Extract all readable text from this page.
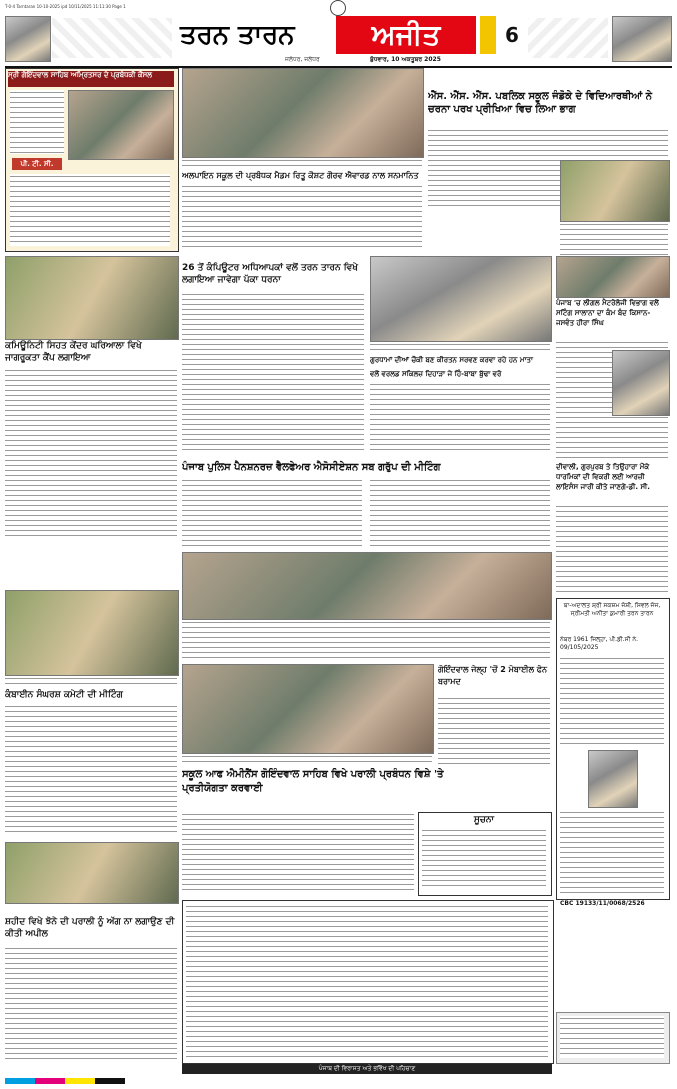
T-0-4 Tarntaran 10-10-2025 ipd 10/11/2025 11:11:30 Page 1
ਤਰਨ ਤਾਰਨ	ਅਜੀਤ	6
ਜਲੰਧਰ, ਜਲੰਧਰ	ਬੁੱਧਵਾਰ, 10 ਅਕਤੂਬਰ 2025
ਸ੍ਰੀ ਗੋਇੰਦਵਾਲ ਸਾਹਿਬ ਅਮ੍ਰਿਤਸਰ ਦੇ ਪ੍ਰਬੰਧਕੀ ਕੌਂਸਲ
ਪੀ. ਟੀ. ਸੀ.
ਅਲਪਾਇਨ ਸਕੂਲ ਦੀ ਪ੍ਰਬੰਧਕ ਮੈਡਮ ਰਿਤੂ ਕੌਸ਼ਟ ਗੌਰਵ ਐਵਾਰਡ ਨਾਲ ਸਨਮਾਨਿਤ
ਐੱਸ. ਐੱਸ. ਐੱਸ. ਪਬਲਿਕ ਸਕੂਲ ਜੰਡੋਕੇ ਦੇ ਵਿਦਿਆਰਥੀਆਂ ਨੇ ਚਰਨਾ ਪਰਖ ਪ੍ਰੀਖਿਆ ਵਿਚ ਲਿਆ ਭਾਗ
ਕਮਿਊਨਿਟੀ ਸਿਹਤ ਕੇਂਦਰ ਘਰਿਆਲਾ ਵਿਖੇ ਜਾਗਰੂਕਤਾ ਕੈਂਪ ਲਗਾਇਆ
26 ਤੋਂ ਕੰਪਿਊਟਰ ਅਧਿਆਪਕਾਂ ਵਲੋਂ ਤਰਨ ਤਾਰਨ ਵਿਖੇ ਲਗਾਇਆ ਜਾਵੇਗਾ ਪੱਕਾ ਧਰਨਾ
ਗੁਰਧਾਮਾਂ ਦੀਆਂ ਚੌਕੀ ਬਣ ਕੀਰਤਨ ਸਰਵਣ ਕਰਵਾ ਰਹੇ ਹਨ ਮਾਤਾ
ਵਲੋਂ ਵਰਲਡ ਸਕਿਲਜ਼ ਦਿਹਾੜਾ ਜੇ ਹਿੰ-ਬਾਬਾ ਬੁੱਢਾ ਵਰੋ
ਪੰਜਾਬ 'ਚ ਲੀਗਲ ਮੈਟਰੋਲੋਜੀ ਵਿਭਾਗ ਵਲੋਂ ਸਟਿੰਗ ਸਾਲਾਨਾ ਦਾ ਕੰਮ ਬੰਦ ਕਿਸਾਨ-ਜਸਵੰਤ ਹੀਰਾ ਸਿੰਘ
ਪੰਜਾਬ ਪੁਲਿਸ ਪੈਨਸ਼ਨਰਜ਼ ਵੈਲਫੇਅਰ ਐਸੋਸੀਏਸ਼ਨ ਸਬ ਗਰੁੱਪ ਦੀ ਮੀਟਿੰਗ	ਦੀਵਾਲੀ, ਗੁਰਪੁਰਬ ਤੇ ਤਿਉਹਾਰਾ ਮੌਕੇ ਧਾਰਮਿਕਾਂ ਦੀ ਵਿਕਰੀ ਲਈ ਆਰਜ਼ੀ ਲਾਇਸੰਸ ਜਾਰੀ ਕੀਤੇ ਜਾਣਗੇ-ਡੀ. ਸੀ.
ਬਾ-ਅਦਾਲਤ ਸ਼੍ਰੀ ਸਕਸ਼ਮ ਜੋਸ਼ੀ, ਸਿਵਲ ਜੱਜ, ਸ੍ਰੀਮਤੀ ਅਨੀਤਾ ਕੁਮਾਰੀ ਤਰਨ ਤਾਰਨ
ਨੰਬਰ 1961 ਜਿਲ੍ਹਾ, ਪੀ.ਡੀ.ਸੀ ਨੰ. 09/105/2025
ਕੰਬਾਈਨ ਸੰਘਰਸ਼ ਕਮੇਟੀ ਦੀ ਮੀਟਿੰਗ
ਗੋਇੰਦਵਾਲ ਜੇਲ੍ਹ 'ਚੋਂ 2 ਮੋਬਾਈਲ ਫੋਨ ਬਰਾਮਦ
ਸਕੂਲ ਆਫ ਐਮੀਨੈਂਸ ਗੋਇੰਦਵਾਲ ਸਾਹਿਬ ਵਿਖੇ ਪਰਾਲੀ ਪ੍ਰਬੰਧਨ ਵਿਸ਼ੇ 'ਤੇ ਪ੍ਰਤੀਯੋਗਤਾ ਕਰਵਾਈ
ਸੂਚਨਾ
ਸ਼ਹੀਦ ਵਿਖੇ ਝੋਨੇ ਦੀ ਪਰਾਲੀ ਨੂੰ ਅੱਗ ਨਾ ਲਗਾਉਣ ਦੀ ਕੀਤੀ ਅਪੀਲ
CBC 19133/11/0068/2526
ਪੰਜਾਬ ਦੀ ਵਿਰਾਸਤ ਅਤੇ ਭਵਿੱਖ ਦੀ ਪਹਿਚਾਣ
